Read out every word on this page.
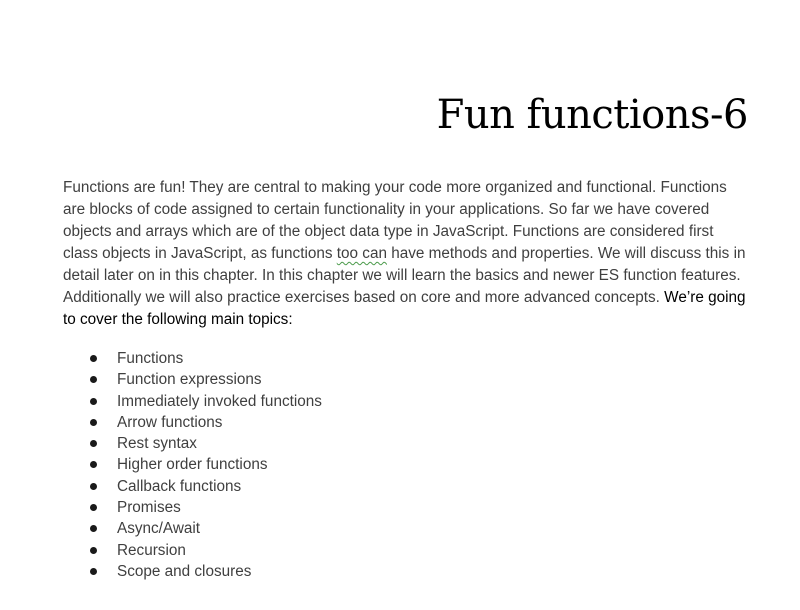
Fun functions-6

Functions are fun! They are central to making your code more organized and functional. Functions
are blocks of code assigned to certain functionality in your applications. So far we have covered
objects and arrays which are of the object data type in JavaScript. Functions are considered first
class objects in JavaScript, as functions too can have methods and properties. We will discuss this in
detail later on in this chapter. In this chapter we will learn the basics and newer ES function features.
Additionally we will also practice exercises based on core and more advanced concepts. We’re going
to cover the following main topics:

Functions
Function expressions
Immediately invoked functions
Arrow functions
Rest syntax
Higher order functions
Callback functions
Promises
Async/Await
Recursion
Scope and closures
